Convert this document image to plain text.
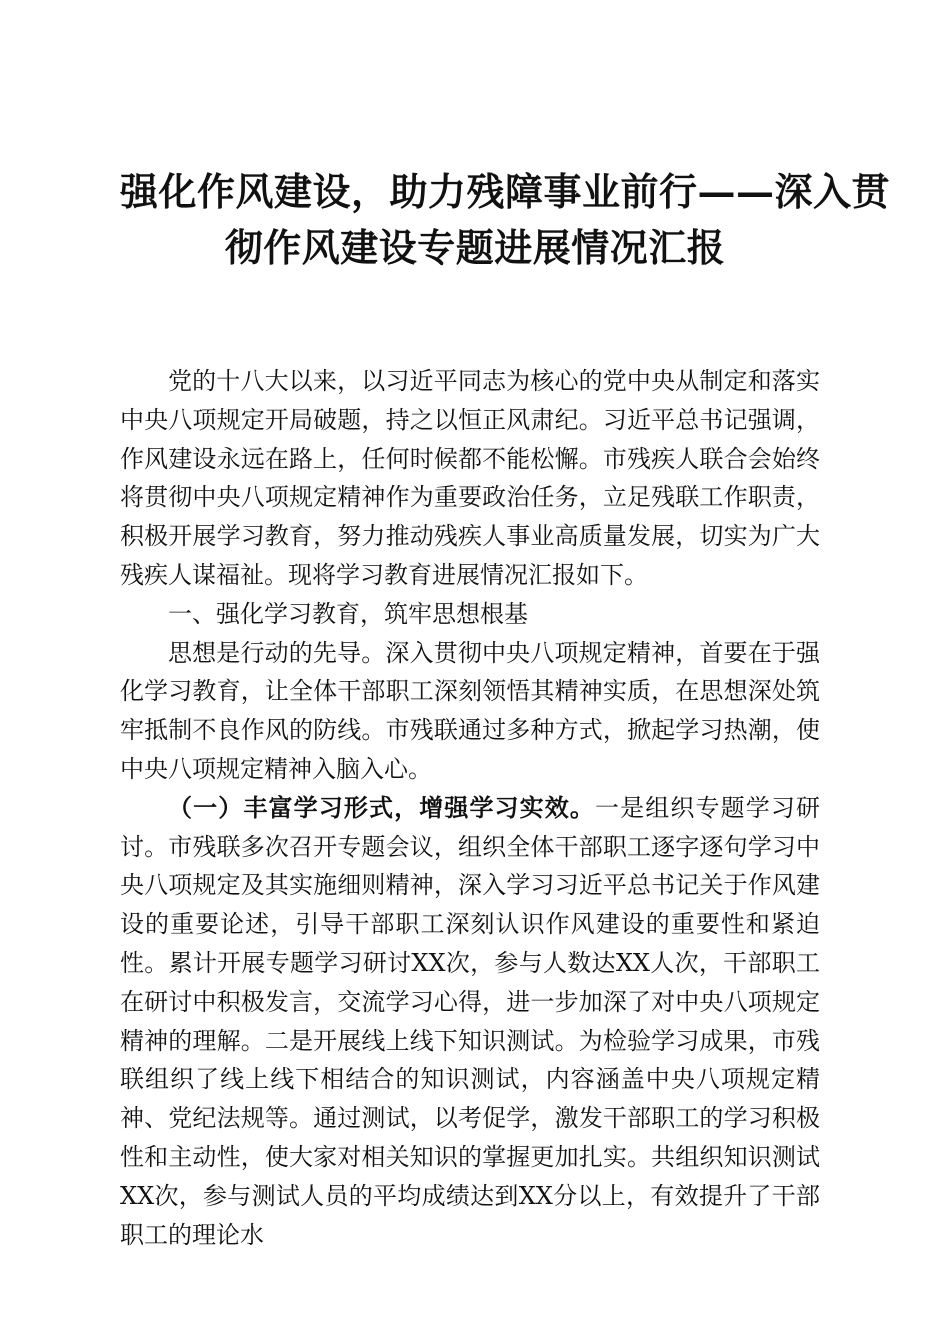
强化作风建设，助力残障事业前行——深入贯
彻作风建设专题进展情况汇报

党的十八大以来，以习近平同志为核心的党中央从制定和落实中央八项规定开局破题，持之以恒正风肃纪。习近平总书记强调，作风建设永远在路上，任何时候都不能松懈。市残疾人联合会始终将贯彻中央八项规定精神作为重要政治任务，立足残联工作职责，积极开展学习教育，努力推动残疾人事业高质量发展，切实为广大残疾人谋福祉。现将学习教育进展情况汇报如下。

一、强化学习教育，筑牢思想根基

思想是行动的先导。深入贯彻中央八项规定精神，首要在于强化学习教育，让全体干部职工深刻领悟其精神实质，在思想深处筑牢抵制不良作风的防线。市残联通过多种方式，掀起学习热潮，使中央八项规定精神入脑入心。

（一）丰富学习形式，增强学习实效。一是组织专题学习研讨。市残联多次召开专题会议，组织全体干部职工逐字逐句学习中央八项规定及其实施细则精神，深入学习习近平总书记关于作风建设的重要论述，引导干部职工深刻认识作风建设的重要性和紧迫性。累计开展专题学习研讨XX次，参与人数达XX人次，干部职工在研讨中积极发言，交流学习心得，进一步加深了对中央八项规定精神的理解。二是开展线上线下知识测试。为检验学习成果，市残联组织了线上线下相结合的知识测试，内容涵盖中央八项规定精神、党纪法规等。通过测试，以考促学，激发干部职工的学习积极性和主动性，使大家对相关知识的掌握更加扎实。共组织知识测试XX次，参与测试人员的平均成绩达到XX分以上，有效提升了干部职工的理论水
